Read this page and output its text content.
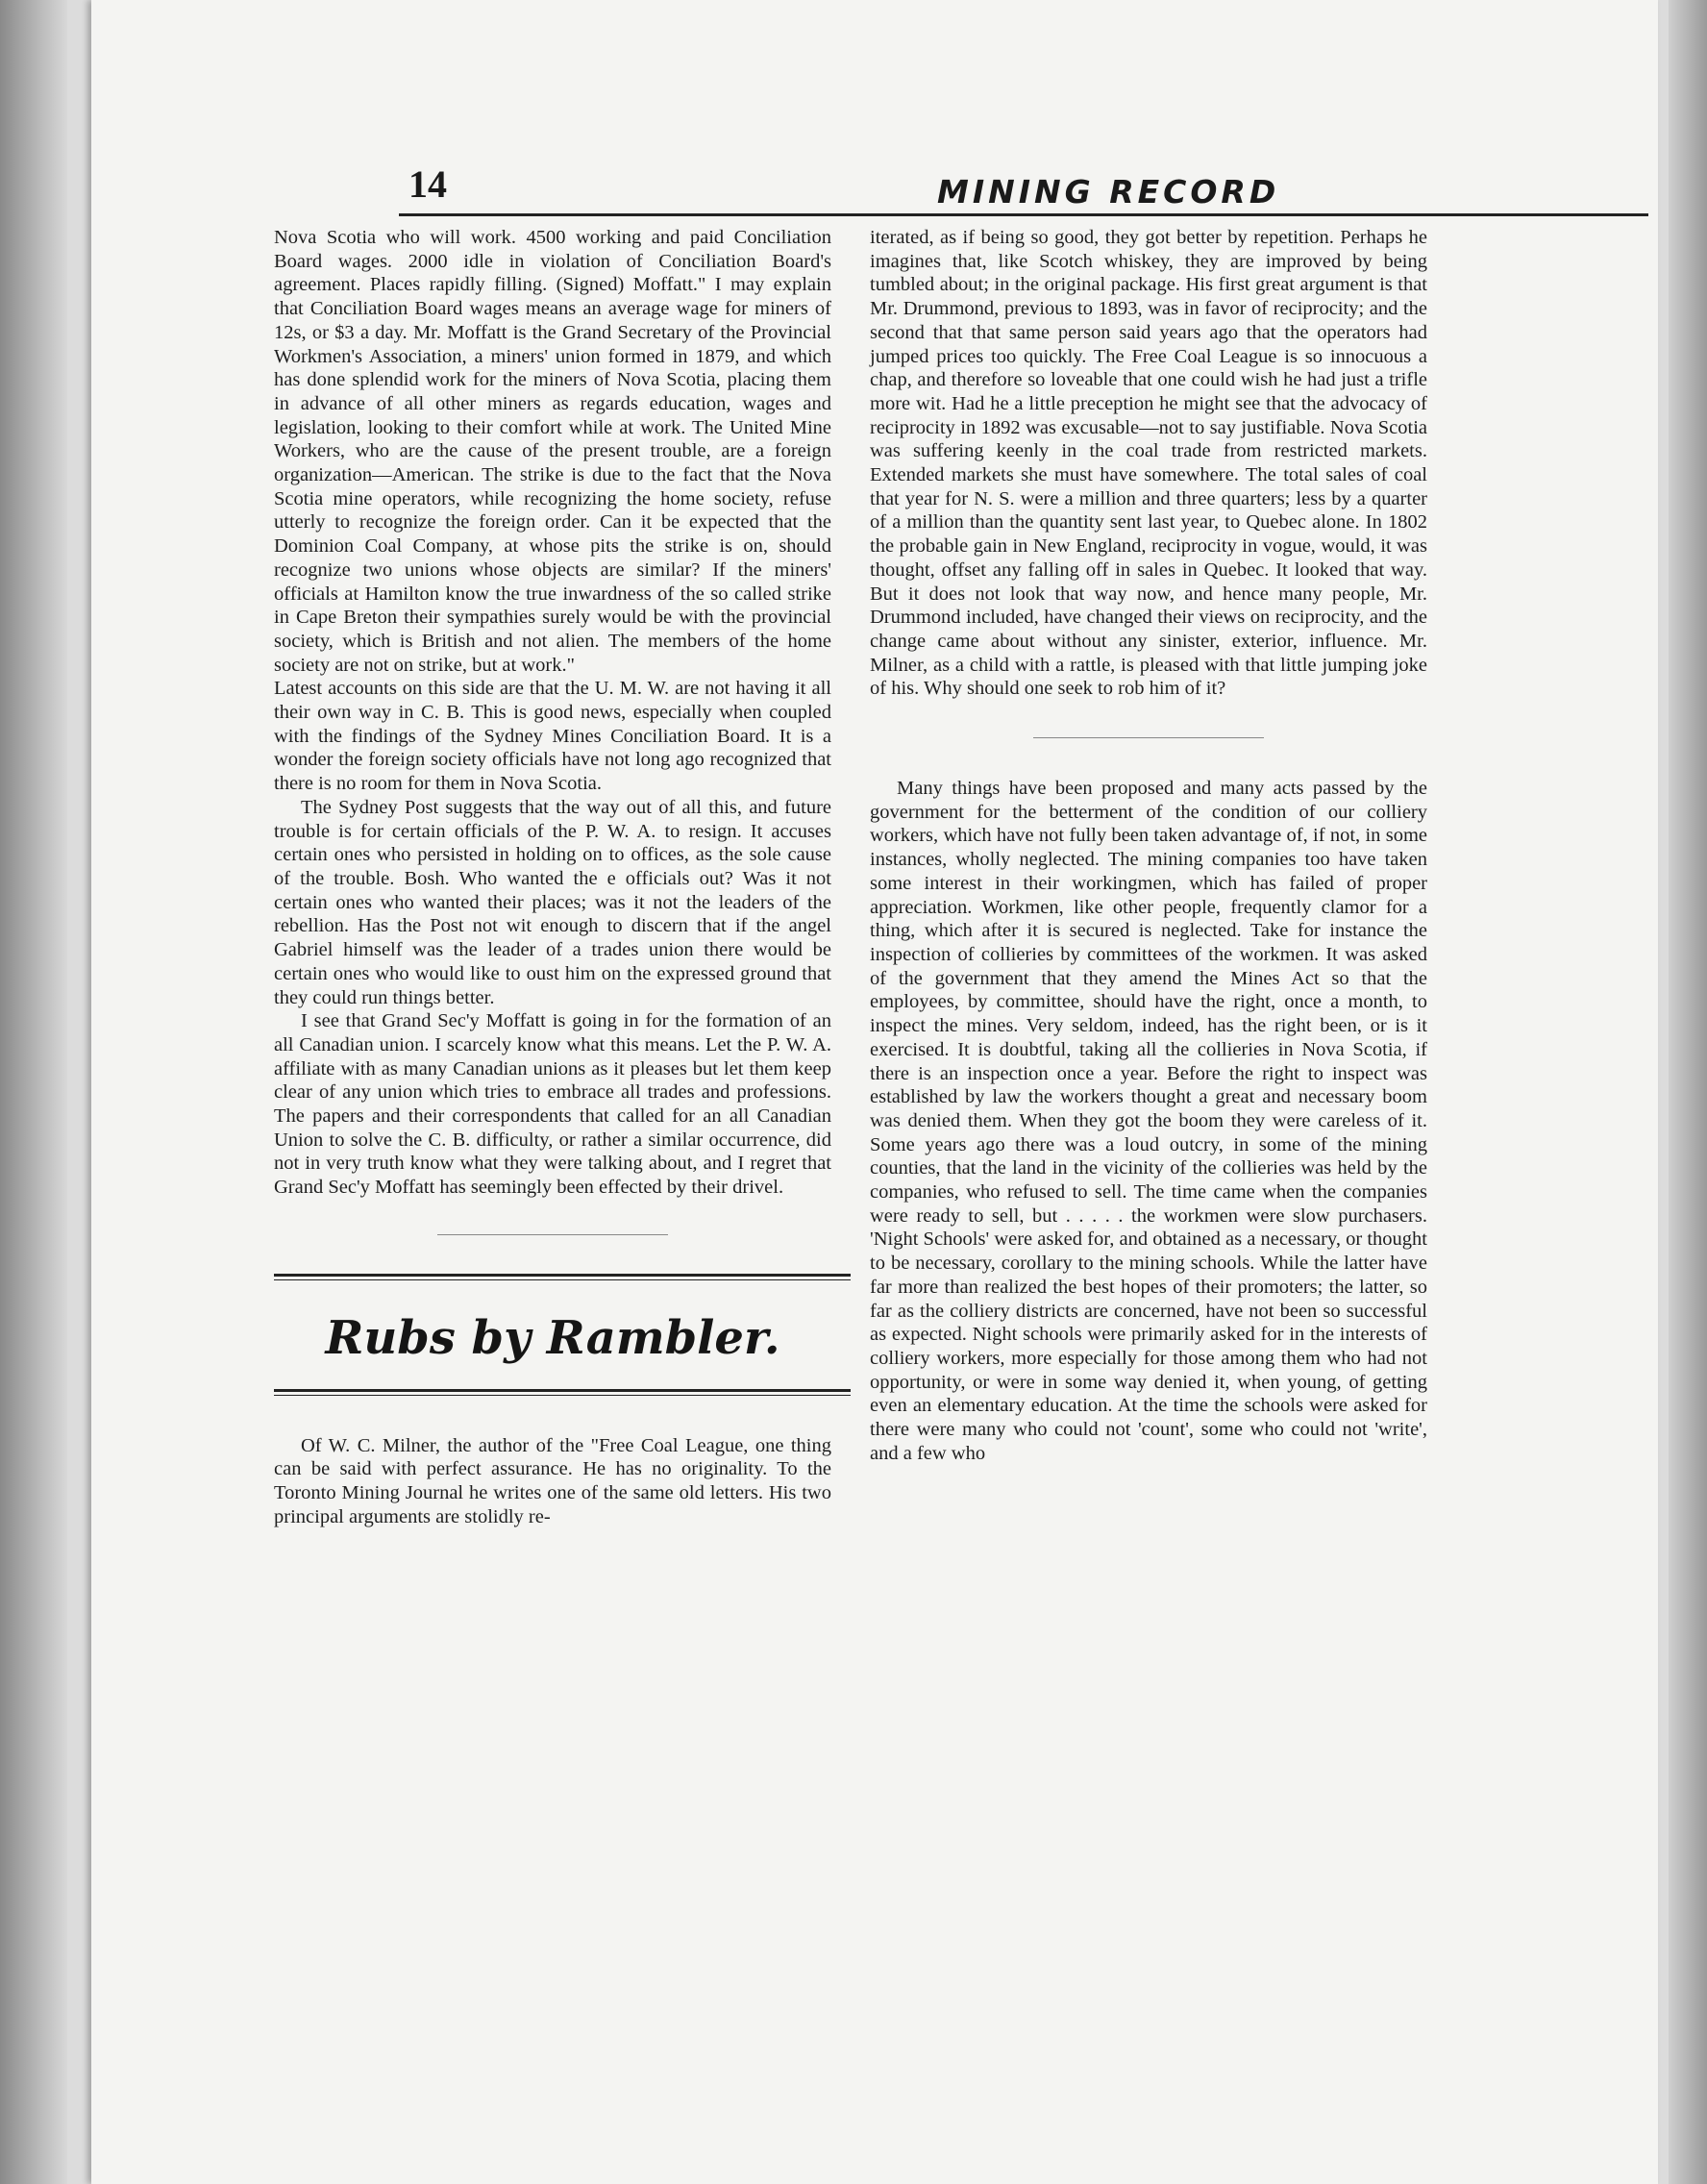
14	MINING RECORD

Nova Scotia who will work. 4500 working and paid Conciliation Board wages. 2000 idle in violation of Conciliation Board's agreement. Places rapidly filling. (Signed) Moffatt." I may explain that Conciliation Board wages means an average wage for miners of 12s, or $3 a day. Mr. Moffatt is the Grand Secretary of the Provincial Workmen's Association, a miners' union formed in 1879, and which has done splendid work for the miners of Nova Scotia, placing them in advance of all other miners as regards education, wages and legislation, looking to their comfort while at work. The United Mine Workers, who are the cause of the present trouble, are a foreign organization—American. The strike is due to the fact that the Nova Scotia mine operators, while recognizing the home society, refuse utterly to recognize the foreign order. Can it be expected that the Dominion Coal Company, at whose pits the strike is on, should recognize two unions whose objects are similar? If the miners' officials at Hamilton know the true inwardness of the so called strike in Cape Breton their sympathies surely would be with the provincial society, which is British and not alien. The members of the home society are not on strike, but at work."

Latest accounts on this side are that the U. M. W. are not having it all their own way in C. B. This is good news, especially when coupled with the findings of the Sydney Mines Conciliation Board. It is a wonder the foreign society officials have not long ago recognized that there is no room for them in Nova Scotia.

The Sydney Post suggests that the way out of all this, and future trouble is for certain officials of the P. W. A. to resign. It accuses certain ones who persisted in holding on to offices, as the sole cause of the trouble. Bosh. Who wanted the e officials out? Was it not certain ones who wanted their places; was it not the leaders of the rebellion. Has the Post not wit enough to discern that if the angel Gabriel himself was the leader of a trades union there would be certain ones who would like to oust him on the expressed ground that they could run things better.

I see that Grand Sec'y Moffatt is going in for the formation of an all Canadian union. I scarcely know what this means. Let the P. W. A. affiliate with as many Canadian unions as it pleases but let them keep clear of any union which tries to embrace all trades and professions. The papers and their correspondents that called for an all Canadian Union to solve the C. B. difficulty, or rather a similar occurrence, did not in very truth know what they were talking about, and I regret that Grand Sec'y Moffatt has seemingly been effected by their drivel.

Rubs by Rambler.

Of W. C. Milner, the author of the "Free Coal League, one thing can be said with perfect assurance. He has no originality. To the Toronto Mining Journal he writes one of the same old letters. His two principal arguments are stolidly re-

iterated, as if being so good, they got better by repetition. Perhaps he imagines that, like Scotch whiskey, they are improved by being tumbled about; in the original package. His first great argument is that Mr. Drummond, previous to 1893, was in favor of reciprocity; and the second that that same person said years ago that the operators had jumped prices too quickly. The Free Coal League is so innocuous a chap, and therefore so loveable that one could wish he had just a trifle more wit. Had he a little preception he might see that the advocacy of reciprocity in 1892 was excusable—not to say justifiable. Nova Scotia was suffering keenly in the coal trade from restricted markets. Extended markets she must have somewhere. The total sales of coal that year for N. S. were a million and three quarters; less by a quarter of a million than the quantity sent last year, to Quebec alone. In 1802 the probable gain in New England, reciprocity in vogue, would, it was thought, offset any falling off in sales in Quebec. It looked that way. But it does not look that way now, and hence many people, Mr. Drummond included, have changed their views on reciprocity, and the change came about without any sinister, exterior, influence. Mr. Milner, as a child with a rattle, is pleased with that little jumping joke of his. Why should one seek to rob him of it?

Many things have been proposed and many acts passed by the government for the betterment of the condition of our colliery workers, which have not fully been taken advantage of, if not, in some instances, wholly neglected. The mining companies too have taken some interest in their workingmen, which has failed of proper appreciation. Workmen, like other people, frequently clamor for a thing, which after it is secured is neglected. Take for instance the inspection of collieries by committees of the workmen. It was asked of the government that they amend the Mines Act so that the employees, by committee, should have the right, once a month, to inspect the mines. Very seldom, indeed, has the right been, or is it exercised. It is doubtful, taking all the collieries in Nova Scotia, if there is an inspection once a year. Before the right to inspect was established by law the workers thought a great and necessary boom was denied them. When they got the boom they were careless of it. Some years ago there was a loud outcry, in some of the mining counties, that the land in the vicinity of the collieries was held by the companies, who refused to sell. The time came when the companies were ready to sell, but . . . . . the workmen were slow purchasers. 'Night Schools' were asked for, and obtained as a necessary, or thought to be necessary, corollary to the mining schools. While the latter have far more than realized the best hopes of their promoters; the latter, so far as the colliery districts are concerned, have not been so successful as expected. Night schools were primarily asked for in the interests of colliery workers, more especially for those among them who had not opportunity, or were in some way denied it, when young, of getting even an elementary education. At the time the schools were asked for there were many who could not 'count', some who could not 'write', and a few who
